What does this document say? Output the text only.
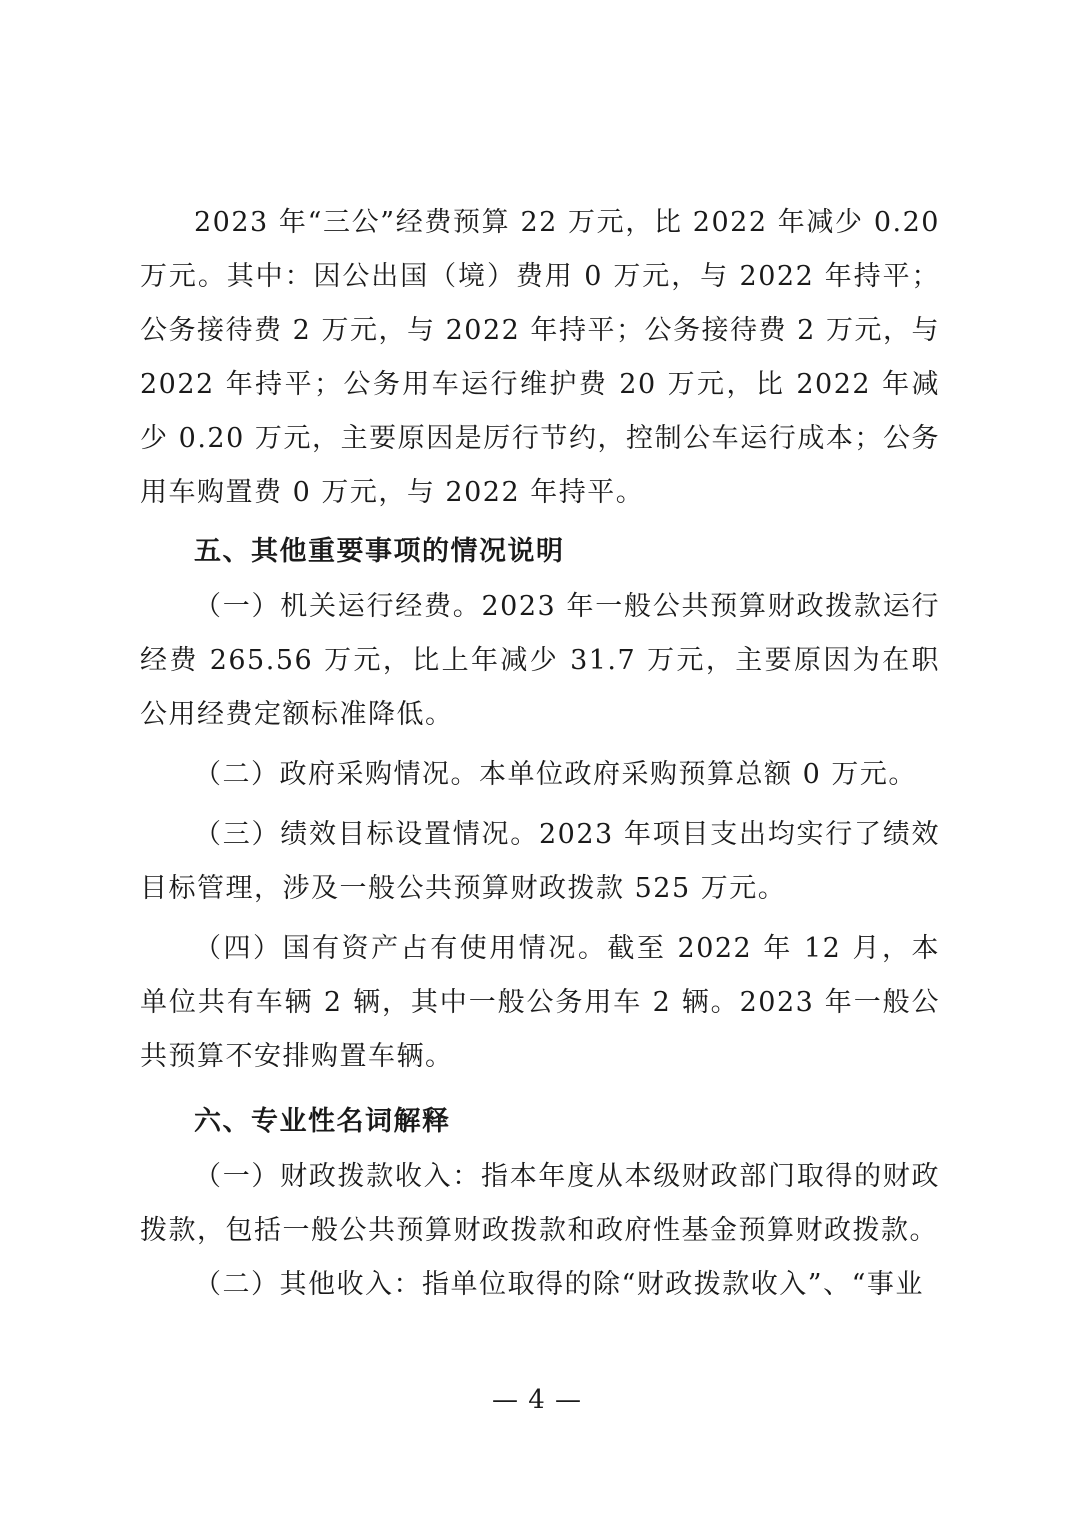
2023 年“三公”经费预算 22 万元，比 2022 年减少 0.20 万元。其中：因公出国（境）费用 0 万元，与 2022 年持平；公务接待费 2 万元，与 2022 年持平；公务接待费 2 万元，与 2022 年持平；公务用车运行维护费 20 万元，比 2022 年减少 0.20 万元，主要原因是厉行节约，控制公车运行成本；公务用车购置费 0 万元，与 2022 年持平。

五、其他重要事项的情况说明

（一）机关运行经费。2023 年一般公共预算财政拨款运行经费 265.56 万元，比上年减少 31.7 万元，主要原因为在职公用经费定额标准降低。

（二）政府采购情况。本单位政府采购预算总额 0 万元。

（三）绩效目标设置情况。2023 年项目支出均实行了绩效目标管理，涉及一般公共预算财政拨款 525 万元。

（四）国有资产占有使用情况。截至 2022 年 12 月，本单位共有车辆 2 辆，其中一般公务用车 2 辆。2023 年一般公共预算不安排购置车辆。

六、专业性名词解释

（一）财政拨款收入：指本年度从本级财政部门取得的财政拨款，包括一般公共预算财政拨款和政府性基金预算财政拨款。

（二）其他收入：指单位取得的除“财政拨款收入”、“事业

— 4 —
